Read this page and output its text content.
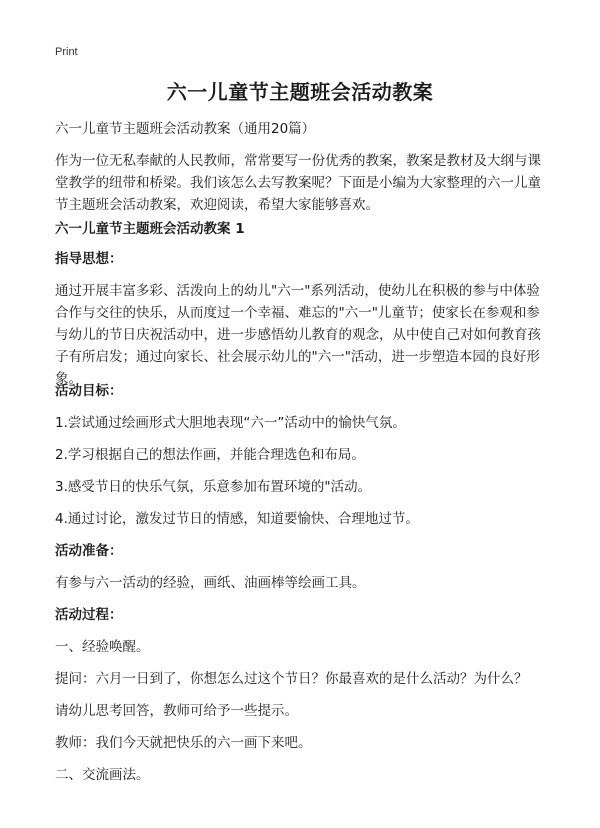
Print
六一儿童节主题班会活动教案

六一儿童节主题班会活动教案（通用20篇）

作为一位无私奉献的人民教师，常常要写一份优秀的教案，教案是教材及大纲与课堂教学的纽带和桥梁。我们该怎么去写教案呢？下面是小编为大家整理的六一儿童节主题班会活动教案，欢迎阅读，希望大家能够喜欢。

六一儿童节主题班会活动教案 1

指导思想：

通过开展丰富多彩、活泼向上的幼儿"六一"系列活动，使幼儿在积极的参与中体验合作与交往的快乐，从而度过一个幸福、难忘的"六一"儿童节；使家长在参观和参与幼儿的节日庆祝活动中，进一步感悟幼儿教育的观念，从中使自己对如何教育孩子有所启发；通过向家长、社会展示幼儿的"六一"活动，进一步塑造本园的良好形象。

活动目标：

1.尝试通过绘画形式大胆地表现“六一”活动中的愉快气氛。

2.学习根据自己的想法作画，并能合理选色和布局。

3.感受节日的快乐气氛，乐意参加布置环境的"活动。

4.通过讨论，激发过节日的情感，知道要愉快、合理地过节。

活动准备：

有参与六一活动的经验，画纸、油画棒等绘画工具。

活动过程：

一、经验唤醒。

提问：六月一日到了，你想怎么过这个节日？你最喜欢的是什么活动？为什么？

请幼儿思考回答，教师可给予一些提示。

教师：我们今天就把快乐的六一画下来吧。

二、交流画法。
